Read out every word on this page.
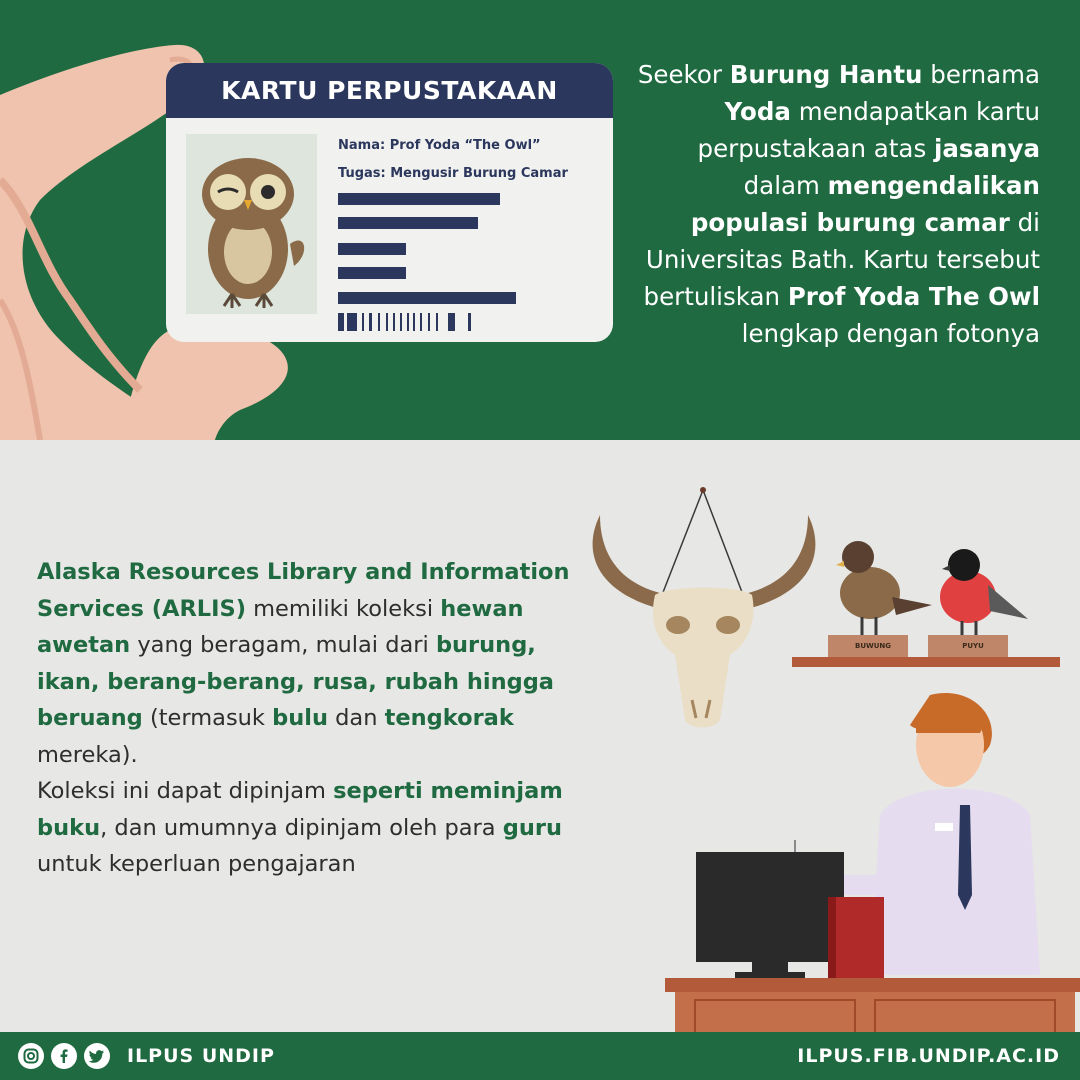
KARTU PERPUSTAKAAN
Nama: Prof Yoda “The Owl”
Tugas: Mengusir Burung Camar
Seekor Burung Hantu bernama Yoda mendapatkan kartu perpustakaan atas jasanya dalam mengendalikan populasi burung camar di Universitas Bath. Kartu tersebut bertuliskan Prof Yoda The Owl lengkap dengan fotonya
BUWUNG	PUYU
Alaska Resources Library and Information Services (ARLIS) memiliki koleksi hewan awetan yang beragam, mulai dari burung, ikan, berang-berang, rusa, rubah hingga beruang (termasuk bulu dan tengkorak mereka).
Koleksi ini dapat dipinjam seperti meminjam buku, dan umumnya dipinjam oleh para guru untuk keperluan pengajaran
ILPUS UNDIP	ILPUS.FIB.UNDIP.AC.ID
